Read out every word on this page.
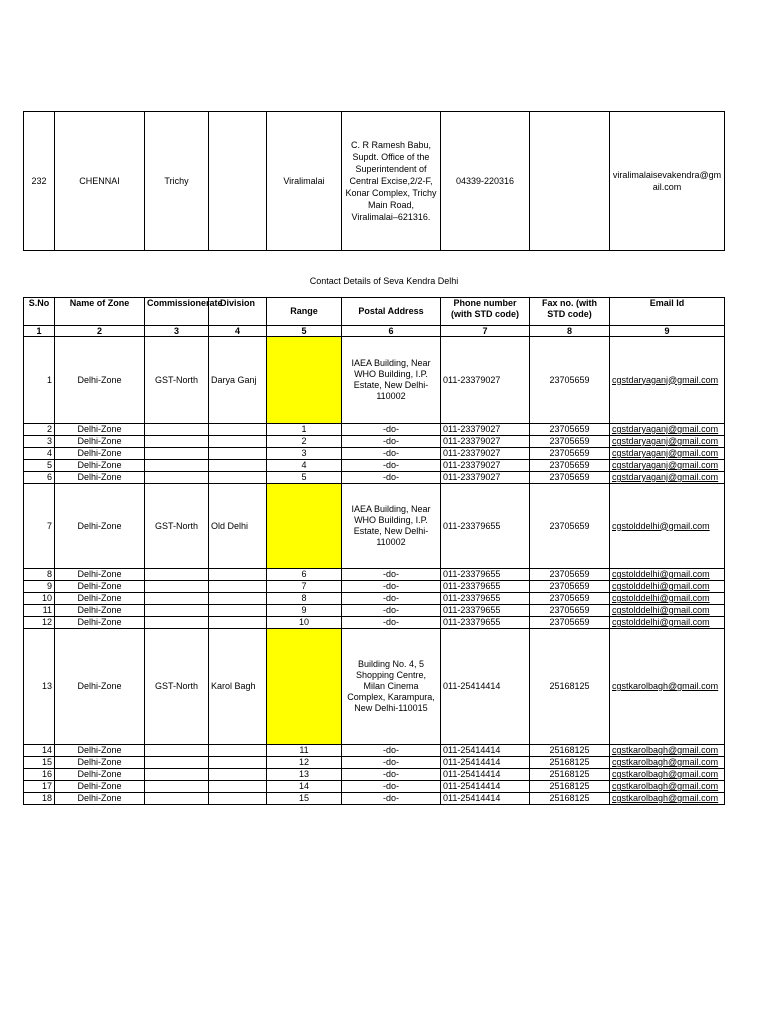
232	CHENNAI	Trichy		Viralimalai	C. R Ramesh Babu, Supdt. Office of the Superintendent of Central Excise,2/2-F, Konar Complex, Trichy Main Road, Viralimalai–621316.	04339-220316		viralimalaisevakendra@gmail.com
Contact Details of Seva Kendra Delhi
S.No	Name of Zone	Commissionerate	Division	Range	Postal Address	Phone number (with STD code)	Fax no. (with STD code)	Email Id
1	2	3	4	5	6	7	8	9
1	Delhi-Zone	GST-North	Darya Ganj		IAEA Building, Near WHO Building, I.P. Estate, New Delhi-110002	011-23379027	23705659	cgstdaryaganj@gmail.com
2	Delhi-Zone			1	-do-	011-23379027	23705659	cgstdaryaganj@gmail.com
3	Delhi-Zone			2	-do-	011-23379027	23705659	cgstdaryaganj@gmail.com
4	Delhi-Zone			3	-do-	011-23379027	23705659	cgstdaryaganj@gmail.com
5	Delhi-Zone			4	-do-	011-23379027	23705659	cgstdaryaganj@gmail.com
6	Delhi-Zone			5	-do-	011-23379027	23705659	cgstdaryaganj@gmail.com
7	Delhi-Zone	GST-North	Old Delhi		IAEA Building, Near WHO Building, I.P. Estate, New Delhi-110002	011-23379655	23705659	cgstolddelhi@gmail.com
8	Delhi-Zone			6	-do-	011-23379655	23705659	cgstolddelhi@gmail.com
9	Delhi-Zone			7	-do-	011-23379655	23705659	cgstolddelhi@gmail.com
10	Delhi-Zone			8	-do-	011-23379655	23705659	cgstolddelhi@gmail.com
11	Delhi-Zone			9	-do-	011-23379655	23705659	cgstolddelhi@gmail.com
12	Delhi-Zone			10	-do-	011-23379655	23705659	cgstolddelhi@gmail.com
13	Delhi-Zone	GST-North	Karol Bagh		Building No. 4, 5 Shopping Centre, Milan Cinema Complex, Karampura, New Delhi-110015	011-25414414	25168125	cgstkarolbagh@gmail.com
14	Delhi-Zone			11	-do-	011-25414414	25168125	cgstkarolbagh@gmail.com
15	Delhi-Zone			12	-do-	011-25414414	25168125	cgstkarolbagh@gmail.com
16	Delhi-Zone			13	-do-	011-25414414	25168125	cgstkarolbagh@gmail.com
17	Delhi-Zone			14	-do-	011-25414414	25168125	cgstkarolbagh@gmail.com
18	Delhi-Zone			15	-do-	011-25414414	25168125	cgstkarolbagh@gmail.com
